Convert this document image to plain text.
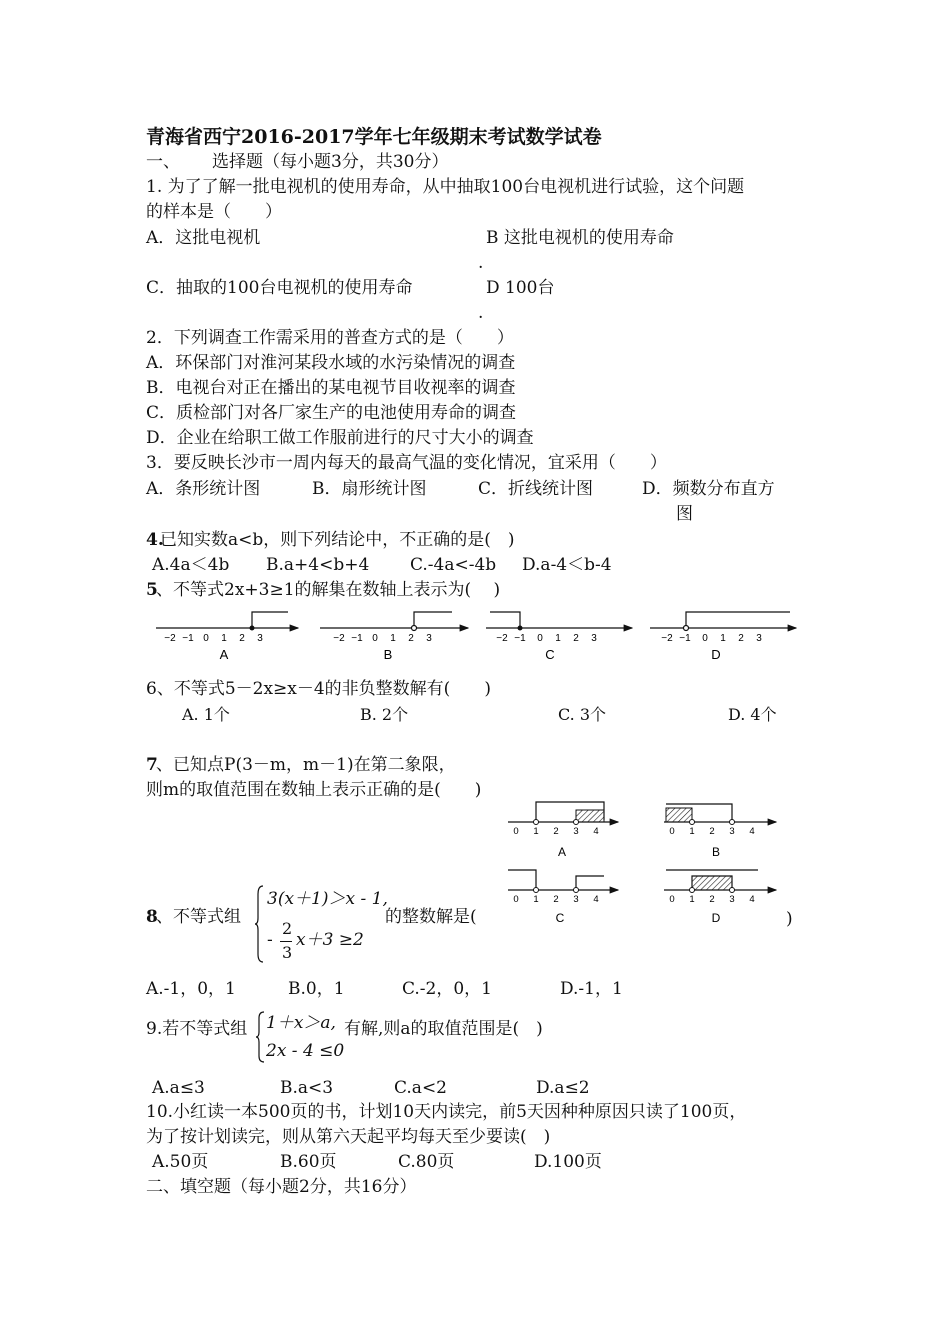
青海省西宁2016-2017学年七年级期末考试数学试卷
一、 选择题（每小题3分，共30分）
1. 为了了解一批电视机的使用寿命，从中抽取100台电视机进行试验，这个问题
的样本是（　　）
A．这批电视机	B 这批电视机的使用寿命
.
C．抽取的100台电视机的使用寿命	D 100台
.
2．下列调查工作需采用的普查方式的是（　　）
A．环保部门对淮河某段水域的水污染情况的调查
B．电视台对正在播出的某电视节目收视率的调查
C．质检部门对各厂家生产的电池使用寿命的调查
D．企业在给职工做工作服前进行的尺寸大小的调查
3．要反映长沙市一周内每天的最高气温的变化情况，宜采用（　　）
A．条形统计图	B．扇形统计图	C．折线统计图	D．频数分布直方
图
4.
已知实数a<b，则下列结论中，不正确的是(　)
A.4a＜4b B.a+4<b+4 C.-4a<-4b D.a-4＜b-4
5
、不等式2x+3≥1的解集在数轴上表示为(　 )
−2 −1 0 1 2 3
A
−2 −1 0 1 2 3
B
−2 −1 0 1 2 3
C
−2 −1 0 1 2 3
D
6、不等式5－2x≥x－4的非负整数解有(　　)
A. 1个	B. 2个	C. 3个	D. 4个
7
、已知点P(3－m，m－1)在第二象限，
则m的取值范围在数轴上表示正确的是(　　)
0 1 2 3 4
A
0 1 2 3 4
B
0 1 2 3 4
C
0 1 2 3 4
D
8
、不等式组
3(x＋1)＞x - 1,
-
2
3
x＋3 ≥2
的整数解是(	)
A.-1，0，1	B.0，1	C.-2，0，1	D.-1，1
9.若不等式组 1＋x＞a,
2x - 4 ≤0
有解,则a的取值范围是(　)
A.a≤3	B.a<3	C.a<2	D.a≤2
10.小红读一本500页的书，计划10天内读完，前5天因种种原因只读了100页，
为了按计划读完，则从第六天起平均每天至少要读(　)
A.50页	B.60页	C.80页	D.100页
二、填空题（每小题2分，共16分）
